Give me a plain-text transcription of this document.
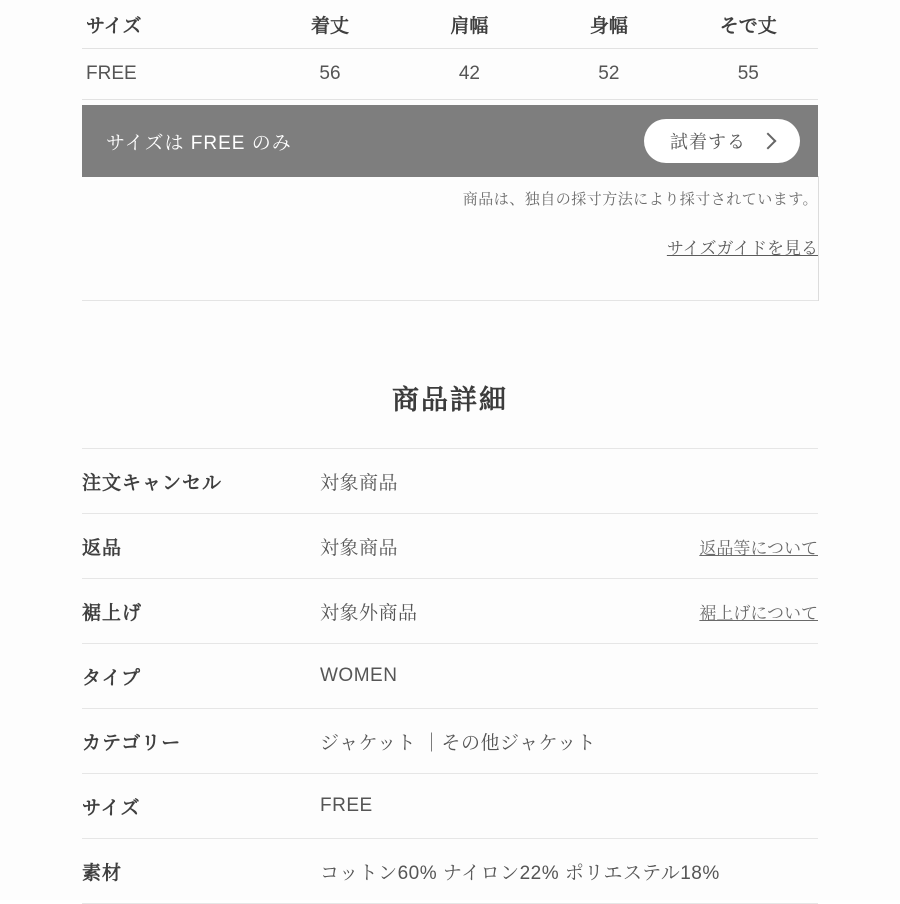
サイズ	着丈	肩幅	身幅	そで丈
FREE	56	42	52	55
サイズは FREE のみ	試着する
商品は、独自の採寸方法により採寸されています。
サイズガイドを見る
商品詳細
注文キャンセル	対象商品
返品	対象商品	返品等について
裾上げ	対象外商品	裾上げについて
タイプ	WOMEN
カテゴリー	ジャケット ｜その他ジャケット
サイズ	FREE
素材	コットン60% ナイロン22% ポリエステル18%
